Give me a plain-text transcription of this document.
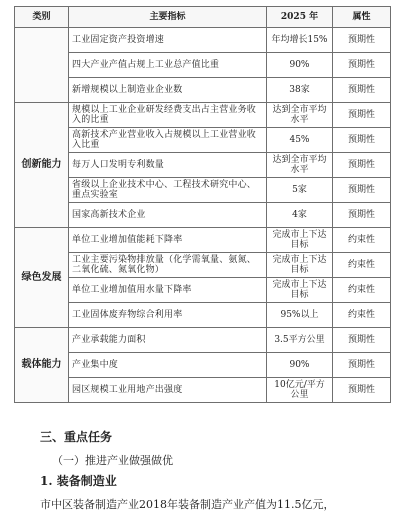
类别	主要指标	2025 年	属性
	工业固定资产投资增速	年均增长15%	预期性
	四大产业产值占规上工业总产值比重	90%	预期性
	新增规模以上制造业企业数	38家	预期性
创新能力	规模以上工业企业研发经费支出占主营业务收入的比重	达到全市平均水平	预期性
	高新技术产业营业收入占规模以上工业营业收入比重	45%	预期性
	每万人口发明专利数量	达到全市平均水平	预期性
	省级以上企业技术中心、工程技术研究中心、重点实验室	5家	预期性
	国家高新技术企业	4家	预期性
绿色发展	单位工业增加值能耗下降率	完成市上下达目标	约束性
	工业主要污染物排放量（化学需氧量、氨氮、二氧化硫、氮氧化物）	完成市上下达目标	约束性
	单位工业增加值用水量下降率	完成市上下达目标	约束性
	工业固体废弃物综合利用率	95%以上	约束性
载体能力	产业承载能力面积	3.5平方公里	预期性
	产业集中度	90%	预期性
	园区规模工业用地产出强度	10亿元/平方公里	预期性
三、重点任务
（一）推进产业做强做优
1. 装备制造业
市中区装备制造产业2018年装备制造产业产值为11.5亿元，
